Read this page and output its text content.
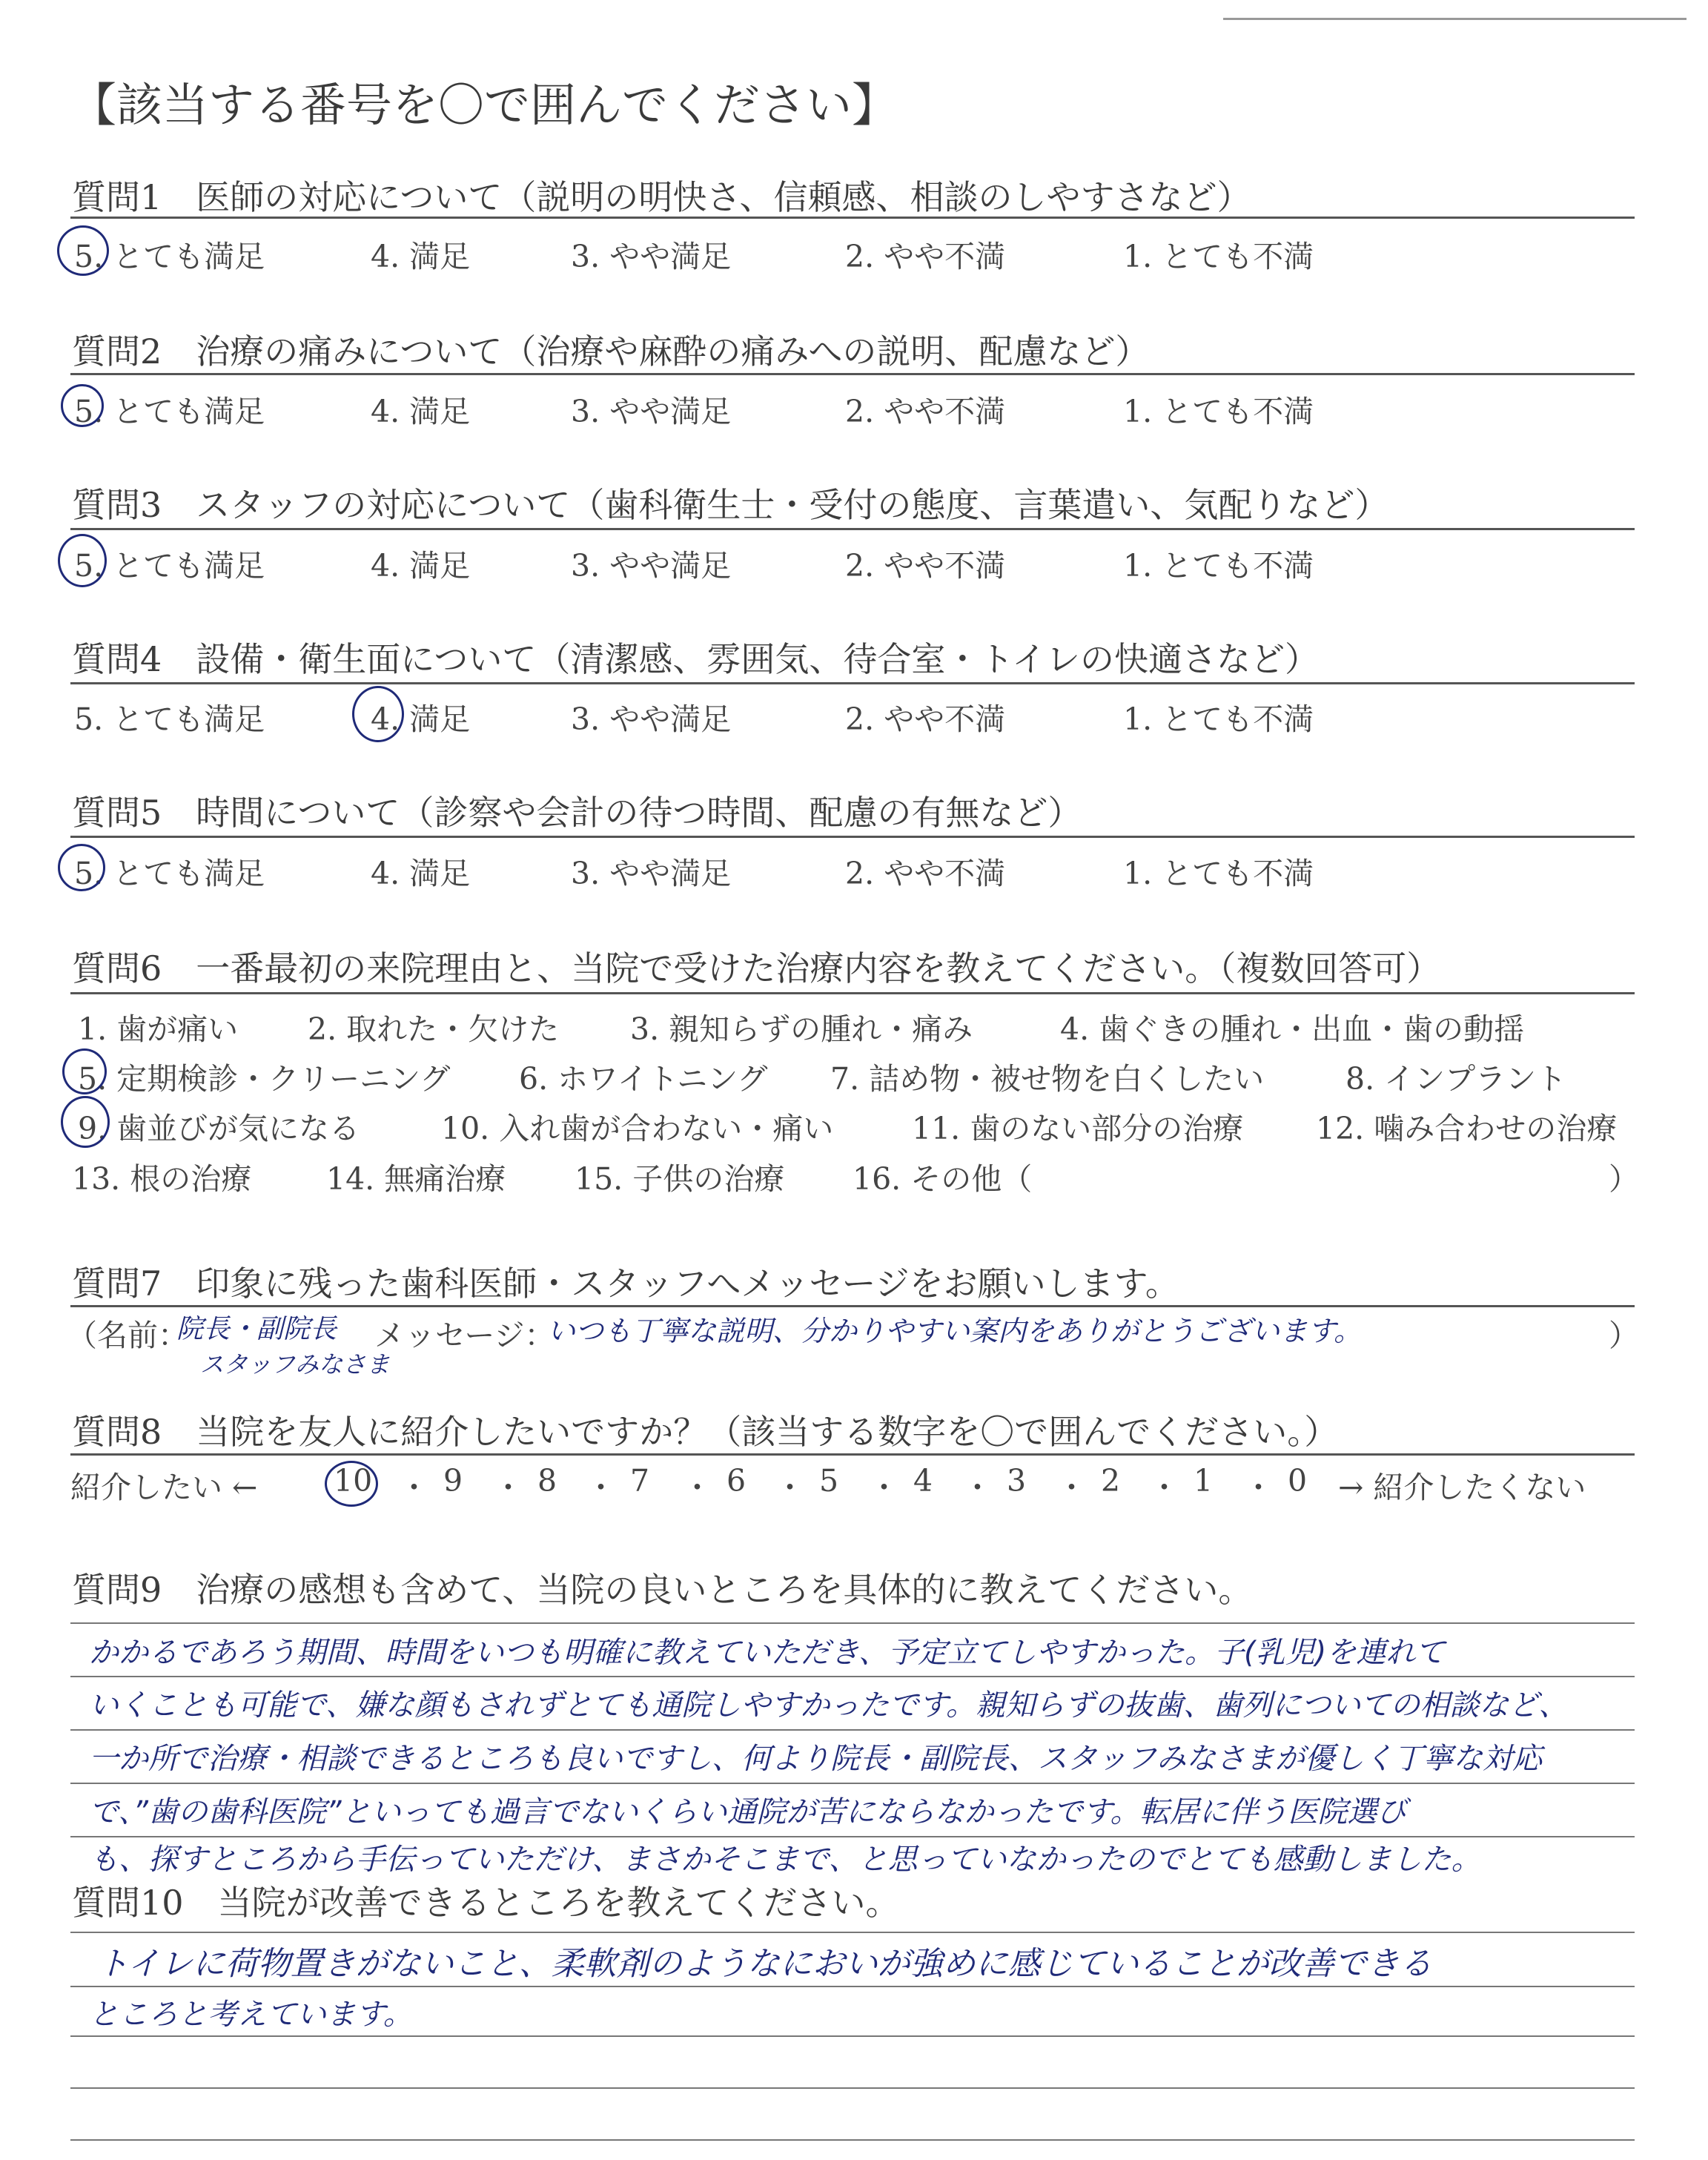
【該当する番号を〇で囲んでください】
質問1　医師の対応について（説明の明快さ、信頼感、相談のしやすさなど）
5. とても満足	4. 満足	3. やや満足	2. やや不満	1. とても不満
質問2　治療の痛みについて（治療や麻酔の痛みへの説明、配慮など）
5. とても満足	4. 満足	3. やや満足	2. やや不満	1. とても不満
質問3　スタッフの対応について（歯科衛生士・受付の態度、言葉遣い、気配りなど）
5. とても満足	4. 満足	3. やや満足	2. やや不満	1. とても不満
質問4　設備・衛生面について（清潔感、雰囲気、待合室・トイレの快適さなど）
5. とても満足	4. 満足	3. やや満足	2. やや不満	1. とても不満
質問5　時間について（診察や会計の待つ時間、配慮の有無など）
5. とても満足	4. 満足	3. やや満足	2. やや不満	1. とても不満
質問6　一番最初の来院理由と、当院で受けた治療内容を教えてください。（複数回答可）
1. 歯が痛い 2. 取れた・欠けた 3. 親知らずの腫れ・痛み	4. 歯ぐきの腫れ・出血・歯の動揺
5. 定期検診・クリーニング 6. ホワイトニング 7. 詰め物・被せ物を白くしたい	8. インプラント
9. 歯並びが気になる	10. 入れ歯が合わない・痛い	11. 歯のない部分の治療 12. 噛み合わせの治療
13. 根の治療 14. 無痛治療 15. 子供の治療 16. その他（	）
質問7　印象に残った歯科医師・スタッフへメッセージをお願いします。
（名前：
院長・副院長
スタッフみなさま
メッセージ：
いつも丁寧な説明、分かりやすい案内をありがとうございます。	）
質問8　当院を友人に紹介したいですか？（該当する数字を〇で囲んでください。）
紹介したい ←	10 ・ 9 ・ 8 ・ 7 ・ 6 ・ 5 ・ 4 ・ 3 ・ 2 ・ 1 ・ 0 → 紹介したくない
質問9　治療の感想も含めて、当院の良いところを具体的に教えてください。
かかるであろう期間、時間をいつも明確に教えていただき、予定立てしやすかった。子(乳児)を連れて
いくことも可能で、嫌な顔もされずとても通院しやすかったです。親知らずの抜歯、歯列についての相談など、
一か所で治療・相談できるところも良いですし、何より院長・副院長、スタッフみなさまが優しく丁寧な対応
で、”歯の歯科医院”といっても過言でないくらい通院が苦にならなかったです。転居に伴う医院選び
も、探すところから手伝っていただけ、まさかそこまで、と思っていなかったのでとても感動しました。
質問10　当院が改善できるところを教えてください。
トイレに荷物置きがないこと、柔軟剤のようなにおいが強めに感じていることが改善できる
ところと考えています。
